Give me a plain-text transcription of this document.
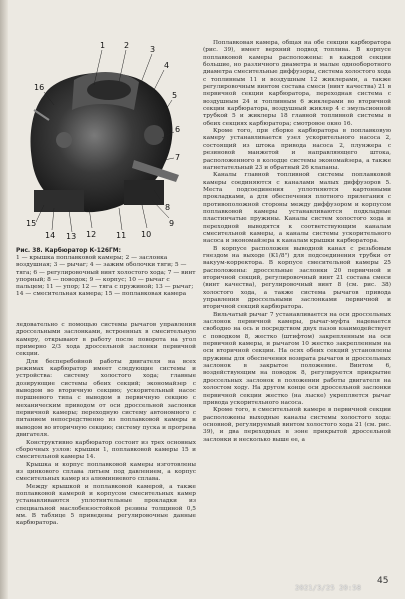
1 2	3
4
5
6
7
8
9
10
11
12
13
14
15
16
Рис. 38. Карбюратор К-126ГМ:
1 — крышка поплавковой камеры; 2 — заслонка воздушная; 3 — рычаг; 4 — зажим оболочки тяги; 5 — тяга; 6 — регулировочный винт холостого хода; 7 — винт упорный; 8 — поводок; 9 — корпус; 10 — рычаг с пальцем; 11 — упор; 12 — тяга с пружиной; 13 — рычаг; 14 — смесительная камера; 15 — поплавковая камера

ледовательно с помощью системы рычагов управления дроссельными заслонками, встроенных в смесительную камеру, открывают в работу после поворота на угол примерно 2/3 хода дроссельной заслонки первичной секции.

Для бесперебойной работы двигателя на всех режимах карбюратор имеет следующие системы и устройства: систему холостого хода; главные дозирующие системы обеих секций; экономайзер с выводом во вторичную секцию; ускорительный насос поршневого типа с выводом в первичную секцию с механическим приводом от оси дроссельной заслонки первичной камеры; переходную систему автономного с питанием непосредственно из поплавковой камеры и выводом во вторичную секцию; систему пуска и прогрева двигателя.

Конструктивно карбюратор состоит из трех основных сборочных узлов: крышки 1, поплавковой камеры 15 и смесительной камеры 14.

Крышка и корпус поплавковой камеры изготовлены из цинкового сплава литьем под давлением, а корпус смесительных камер из алюминиевого сплава.

Между крышкой и поплавковой камерой, а также поплавковой камерой и корпусом смесительных камер устанавливаются уплотнительные прокладки из специальной маслобензостойкой резины толщиной 0,5 мм. В таблице 5 приведены регулировочные данные карбюратора.

Поплавковая камера, общая на обе секции карбюратора (рис. 39), имеет верхний подвод топлива. В корпусе поплавковой камеры расположены: в каждой секции большие, но различного диаметра и малые однооборотного диаметра смесительные диффузоры, система холостого хода с топливным 11 и воздушным 12 жиклерами, а также регулировочным винтом состава смеси (винт качества) 21 в первичной секции карбюратора, переходная система с воздушным 24 и топливным 6 жиклерами во вторичной секции карбюратора, воздушный жиклер 4 с эмульсионной трубкой 5 и жиклеры 18 главной топливной системы в обеих секциях карбюратора; смотровое окно 16.

Кроме того, при сборке карбюратора в поплавковую камеру устанавливается узел ускорительного насоса 2, состоящий из штока привода насоса 2, плунжера с резиновой манжетой и направляющего штока, расположенного в колодце системы экономайзера, а также нагнетательный 23 и обратный 26 клапаны.

Каналы главной топливной системы поплавковой камеры соединяются с каналами малых диффузоров 5. Места подсоединения уплотняются картонными прокладками, а для обеспечения плотного прилегания с противоположной стороны между диффузором и корпусом поплавковой камеры устанавливаются подкладные пластинчатые пружины. Каналы систем холостого хода и переходной выводятся к соответствующим каналам смесительной камеры, а каналы системы ускорительного насоса и экономайзера к каналам крышки карбюратора.

В корпусе расположен выводной канал с резьбовым гнездом на выходе (K1/8") для подсоединения трубки от вакуум-корректора. В корпусе смесительной камеры 25 расположены: дроссельные заслонки 20 первичной и вторичной секций, регулировочный винт 21 состава смеси (винт качества), регулировочный винт 8 (см. рис. 38) холостого хода, а также система рычагов привода управления дроссельными заслонками первичной и вторичной секций карбюратора.

Вильчатый рычаг 7 устанавливается на оси дроссельных заслонок первичной камеры, рычаг-муфта надевается свободно на ось и посредством двух пазов взаимодействует с поводком 8, жестко (штифтом) закрепленным на оси первичной камеры, и рычагом 10 жестко закрепленным на оси вторичной секции. На осях обеих секций установлены пружины для обеспечения возврата рычагов и дроссельных заслонок в закрытое положение. Винтом 6, воздействующим на поводок 8, регулируется прикрытие дроссельных заслонок в положении работы двигателя на холостом ходу. На другом конце оси дроссельной заслонки первичной секции жестко (на лыске) укрепляется рычаг привода ускорительного насоса.

Кроме того, в смесительной камере в первичной секции расположены выходные каналы системы холостого хода: основной, регулируемый винтом холостого хода 21 (см. рис. 39), и два переходных в зоне прикрытой дроссельной заслонки и несколько выше ее, а

45
2021/3/25 20:58
